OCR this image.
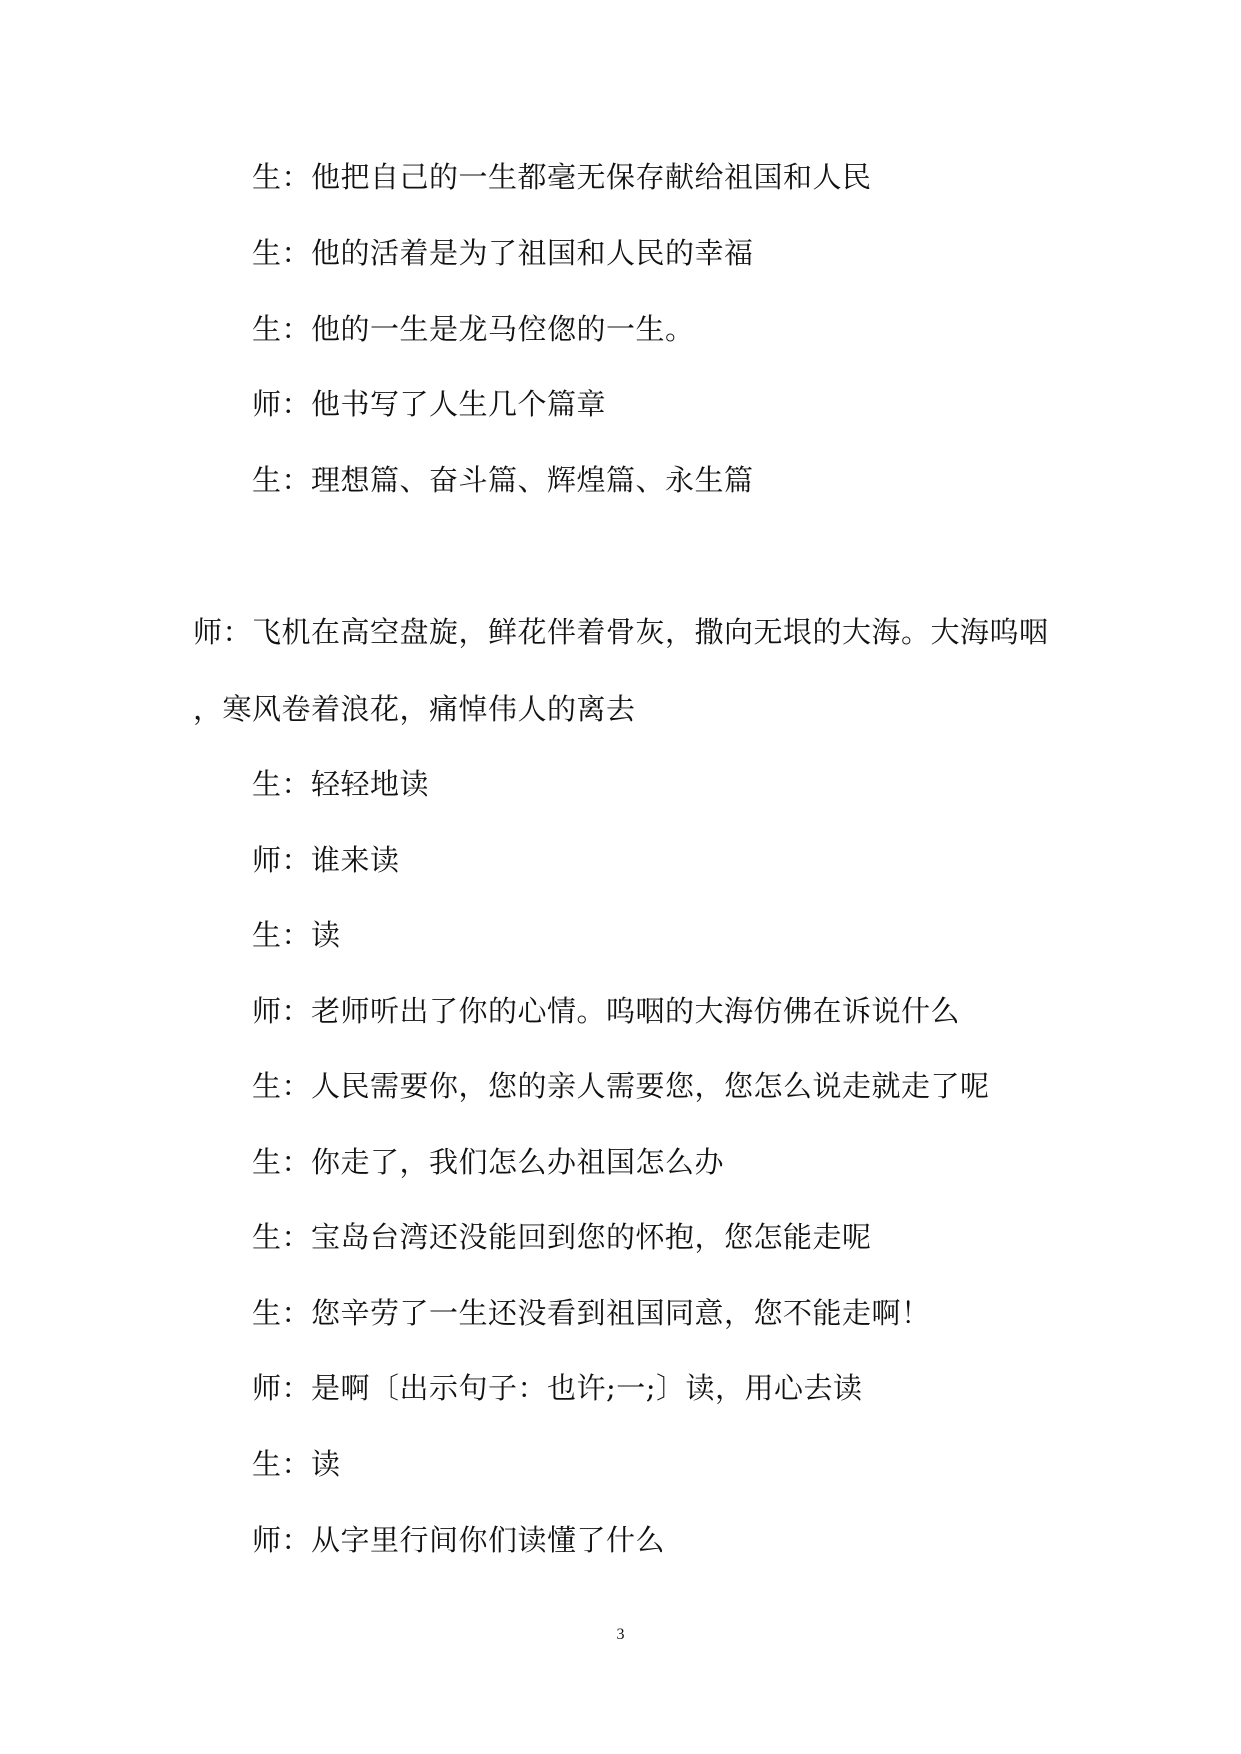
生：他把自己的一生都毫无保存献给祖国和人民
生：他的活着是为了祖国和人民的幸福
生：他的一生是龙马倥偬的一生。
师：他书写了人生几个篇章
生：理想篇、奋斗篇、辉煌篇、永生篇
师：飞机在高空盘旋，鲜花伴着骨灰，撒向无垠的大海。大海呜咽
，寒风卷着浪花，痛悼伟人的离去
生：轻轻地读
师：谁来读
生：读
师：老师听出了你的心情。呜咽的大海仿佛在诉说什么
生：人民需要你，您的亲人需要您，您怎么说走就走了呢
生：你走了，我们怎么办祖国怎么办
生：宝岛台湾还没能回到您的怀抱，您怎能走呢
生：您辛劳了一生还没看到祖国同意，您不能走啊！
师：是啊〔出示句子：也许;一;〕读，用心去读
生：读
师：从字里行间你们读懂了什么
3
